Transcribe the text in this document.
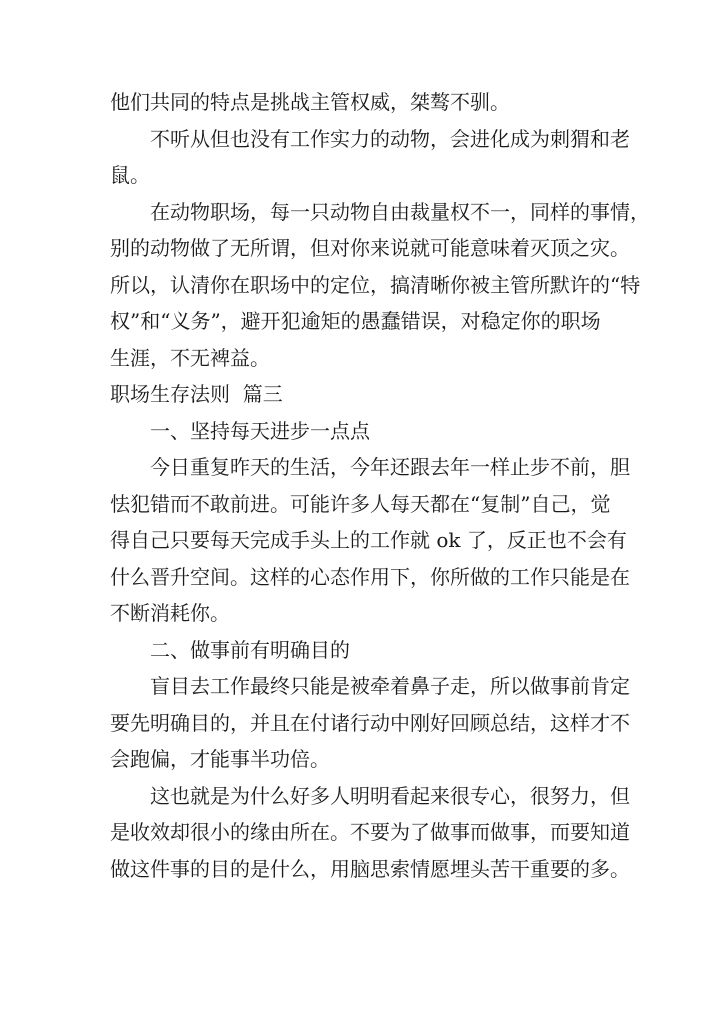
他们共同的特点是挑战主管权威，桀骜不驯。
不听从但也没有工作实力的动物，会进化成为刺猬和老
鼠。
在动物职场，每一只动物自由裁量权不一，同样的事情，
别的动物做了无所谓，但对你来说就可能意味着灭顶之灾。
所以，认清你在职场中的定位，搞清晰你被主管所默许的“特
权”和“义务”，避开犯逾矩的愚蠢错误，对稳定你的职场
生涯，不无裨益。
职场生存法则  篇三
一、坚持每天进步一点点
今日重复昨天的生活，今年还跟去年一样止步不前，胆
怯犯错而不敢前进。可能许多人每天都在“复制”自己，觉
得自己只要每天完成手头上的工作就 ok 了，反正也不会有
什么晋升空间。这样的心态作用下，你所做的工作只能是在
不断消耗你。
二、做事前有明确目的
盲目去工作最终只能是被牵着鼻子走，所以做事前肯定
要先明确目的，并且在付诸行动中刚好回顾总结，这样才不
会跑偏，才能事半功倍。
这也就是为什么好多人明明看起来很专心，很努力，但
是收效却很小的缘由所在。不要为了做事而做事，而要知道
做这件事的目的是什么，用脑思索情愿埋头苦干重要的多。
